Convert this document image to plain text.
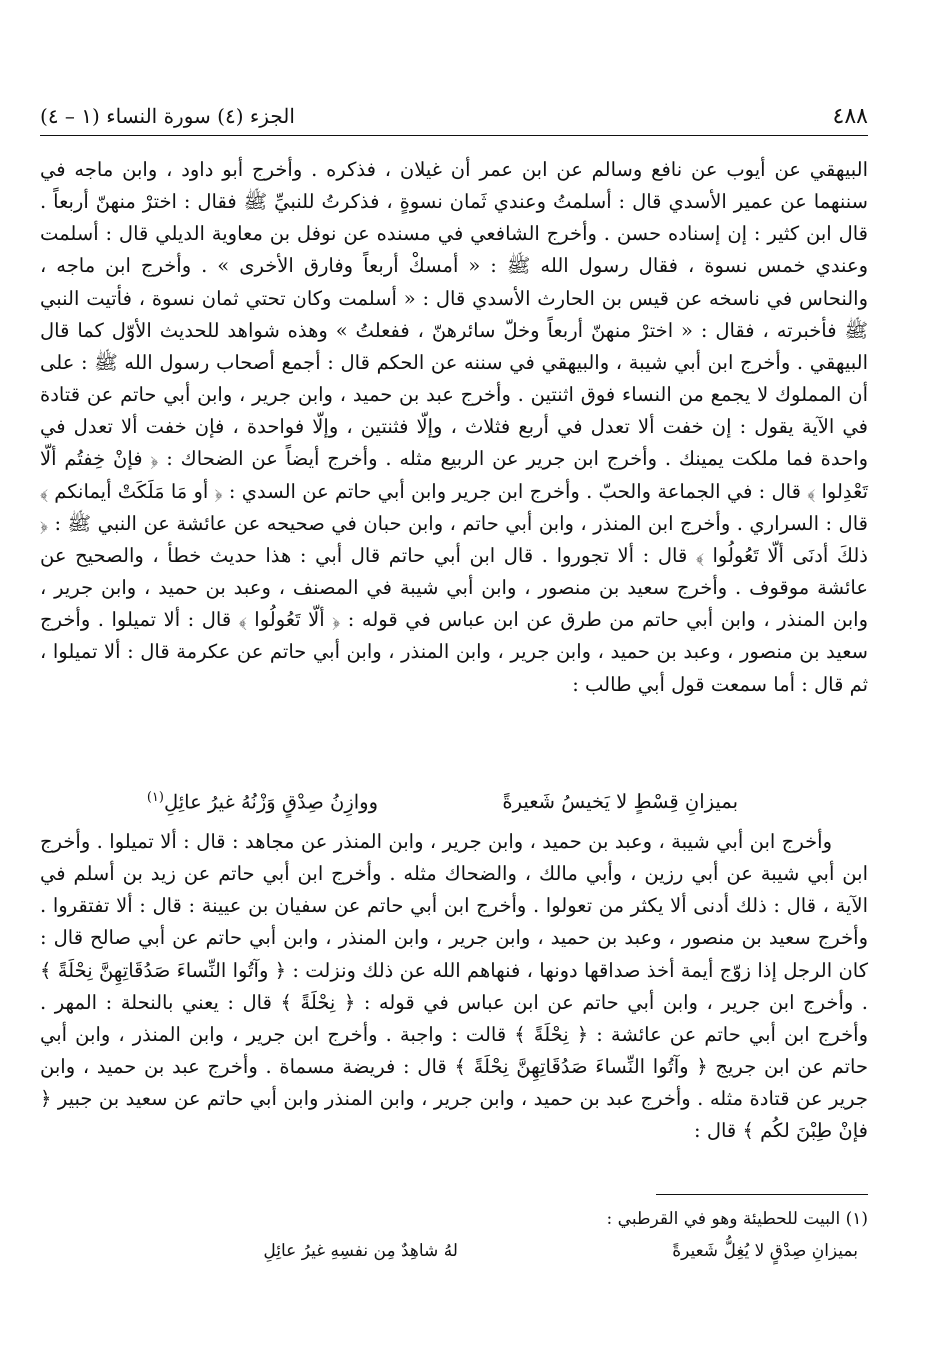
٤٨٨
الجزء (٤) سورة النساء (١ – ٤)

البيهقي عن أيوب عن نافع وسالم عن ابن عمر أن غيلان ، فذكره . وأخرج أبو داود ، وابن ماجه في سننهما عن عمير الأسدي قال : أسلمتُ وعندي ثَمان نسوةٍ ، فذكرتُ للنبيِّ ﷺ فقال : اخترْ منهنّ أربعاً . قال ابن كثير : إن إسناده حسن . وأخرج الشافعي في مسنده عن نوفل بن معاوية الديلي قال : أسلمت وعندي خمس نسوة ، فقال رسول الله ﷺ : « أمسكْ أربعاً وفارق الأخرى » . وأخرج ابن ماجه ، والنحاس في ناسخه عن قيس بن الحارث الأسدي قال : « أسلمت وكان تحتي ثمان نسوة ، فأتيت النبي ﷺ فأخبرته ، فقال : « اخترْ منهنّ أربعاً وخلّ سائرهنّ ، ففعلتُ » وهذه شواهد للحديث الأوّل كما قال البيهقي . وأخرج ابن أبي شيبة ، والبيهقي في سننه عن الحكم قال : أجمع أصحاب رسول الله ﷺ : على أن المملوك لا يجمع من النساء فوق اثنتين . وأخرج عبد بن حميد ، وابن جرير ، وابن أبي حاتم عن قتادة في الآية يقول : إن خفت ألا تعدل في أربع فثلاث ، وإلّا فثنتين ، وإلّا فواحدة ، فإن خفت ألا تعدل في واحدة فما ملكت يمينك . وأخرج ابن جرير عن الربيع مثله . وأخرج أيضاً عن الضحاك : ﴿ فإنْ خِفتُم ألّا تَعْدِلوا ﴾ قال : في الجماعة والحبّ . وأخرج ابن جرير وابن أبي حاتم عن السدي : ﴿ أو مَا مَلَكَتْ أيمانكم ﴾ قال : السراري . وأخرج ابن المنذر ، وابن أبي حاتم ، وابن حبان في صحيحه عن عائشة عن النبي ﷺ : ﴿ ذلكَ أدنَى ألّا تَعُولُوا ﴾ قال : ألا تجوروا . قال ابن أبي حاتم قال أبي : هذا حديث خطأ ، والصحيح عن عائشة موقوف . وأخرج سعيد بن منصور ، وابن أبي شيبة في المصنف ، وعبد بن حميد ، وابن جرير ، وابن المنذر ، وابن أبي حاتم من طرق عن ابن عباس في قوله : ﴿ ألّا تَعُولُوا ﴾ قال : ألا تميلوا . وأخرج سعيد بن منصور ، وعبد بن حميد ، وابن جرير ، وابن المنذر ، وابن أبي حاتم عن عكرمة قال : ألا تميلوا ، ثم قال : أما سمعت قول أبي طالب :

بميزانِ قِسْطٍ لا يَخيسُ شَعيرةً
ووازِنُ صِدْقٍ وَزْنُهُ غيرُ عائِلِ$^{(١)}$

وأخرج ابن أبي شيبة ، وعبد بن حميد ، وابن جرير ، وابن المنذر عن مجاهد : قال : ألا تميلوا . وأخرج ابن أبي شيبة عن أبي رزين ، وأبي مالك ، والضحاك مثله . وأخرج ابن أبي حاتم عن زيد بن أسلم في الآية ، قال : ذلك أدنى ألا يكثر من تعولوا . وأخرج ابن أبي حاتم عن سفيان بن عيينة : قال : ألا تفتقروا . وأخرج سعيد بن منصور ، وعبد بن حميد ، وابن جرير ، وابن المنذر ، وابن أبي حاتم عن أبي صالح قال : كان الرجل إذا زوّج أيمة أخذ صداقها دونها ، فنهاهم الله عن ذلك ونزلت : ﴿ وآتُوا النِّساءَ صَدُقَاتِهِنَّ نِحْلَةً ﴾ . وأخرج ابن جرير ، وابن أبي حاتم عن ابن عباس في قوله : ﴿ نِحْلَةً ﴾ قال : يعني بالنحلة : المهر . وأخرج ابن أبي حاتم عن عائشة : ﴿ نِحْلَةً ﴾ قالت : واجبة . وأخرج ابن جرير ، وابن المنذر ، وابن أبي حاتم عن ابن جريج ﴿ وآتُوا النِّساءَ صَدُقَاتِهِنَّ نِحْلَةً ﴾ قال : فريضة مسماة . وأخرج عبد بن حميد ، وابن جرير عن قتادة مثله . وأخرج عبد بن حميد ، وابن جرير ، وابن المنذر وابن أبي حاتم عن سعيد بن جبير ﴿ فإنْ طِبْنَ لكُم ﴾ قال :

(١) البيت للحطيئة وهو في القرطبي :

بميزانِ صِدْقٍ لا يُغِلُّ شَعيرةً
لهُ شاهِدٌ مِن نفسِهِ غيرُ عائِلِ
